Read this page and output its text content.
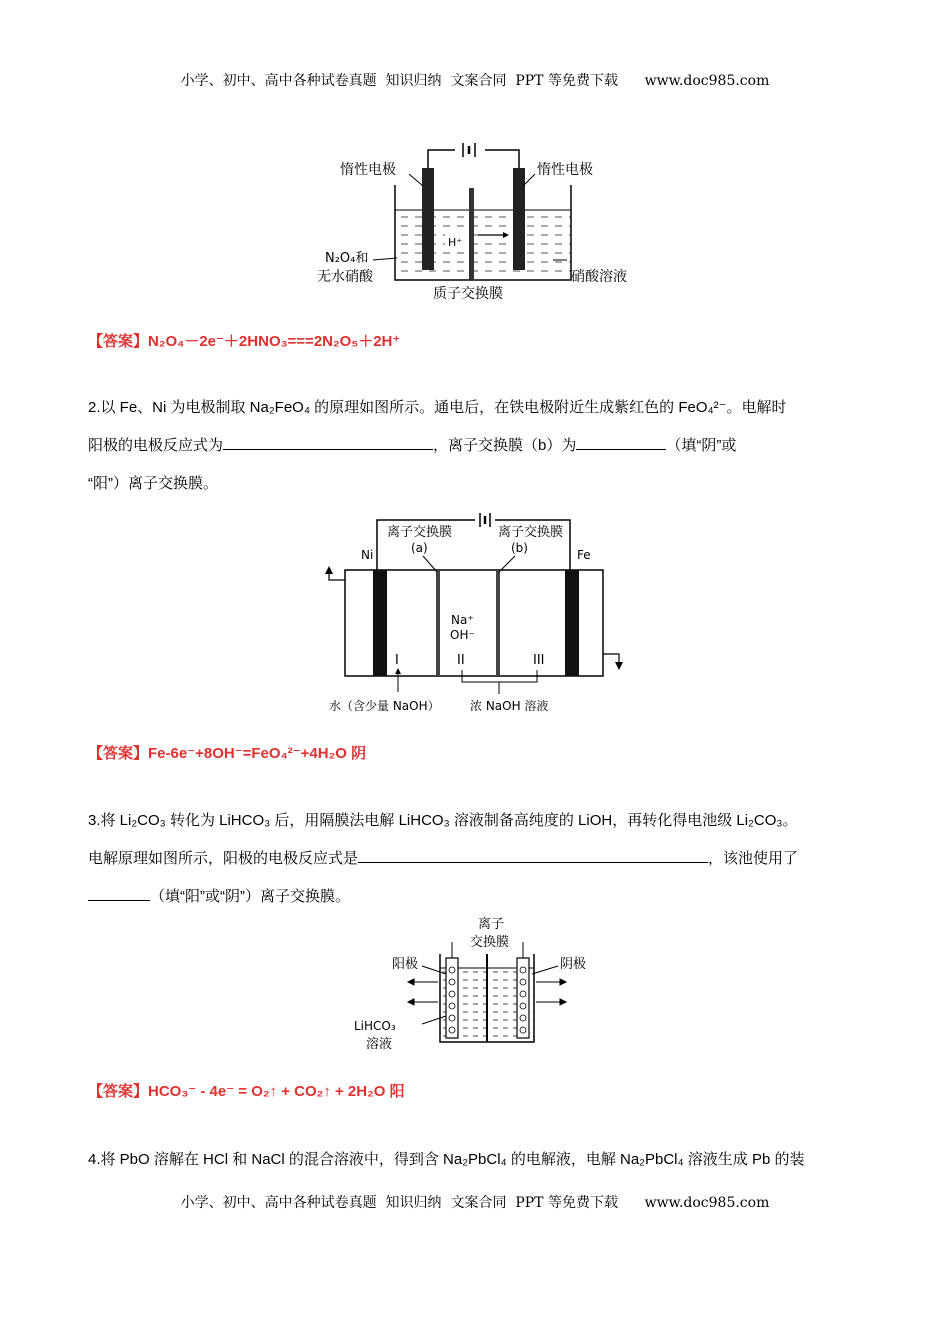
小学、初中、高中各种试卷真题  知识归纳  文案合同  PPT 等免费下载      www.doc985.com
H⁺
惰性电极	惰性电极
N₂O₄和
无水硝酸	硝酸溶液
质子交换膜
【答案】N₂O₄－2e⁻＋2HNO₃===2N₂O₅＋2H⁺

2.以 Fe、Ni 为电极制取 Na₂FeO₄ 的原理如图所示。通电后，在铁电极附近生成紫红色的 FeO₄²⁻。电解时

阳极的电极反应式为	，离子交换膜（b）为	（填“阴”或

“阳”）离子交换膜。

离子交换膜
(a)
离子交换膜
(b)
Ni	Fe
Na⁺
OH⁻
I	II	III
水（含少量 NaOH）	浓 NaOH 溶液
【答案】Fe-6e⁻+8OH⁻=FeO₄²⁻+4H₂O 阴

3.将 Li₂CO₃ 转化为 LiHCO₃ 后，用隔膜法电解 LiHCO₃ 溶液制备高纯度的 LiOH，再转化得电池级 Li₂CO₃。

电解原理如图所示，阳极的电极反应式是	，该池使用了

（填“阳”或“阴”）离子交换膜。

离子
交换膜
阳极	阴极
LiHCO₃
溶液
【答案】HCO₃⁻ - 4e⁻ = O₂↑ + CO₂↑ + 2H₂O 阳

4.将 PbO 溶解在 HCl 和 NaCl 的混合溶液中，得到含 Na₂PbCl₄ 的电解液，电解 Na₂PbCl₄ 溶液生成 Pb 的装

小学、初中、高中各种试卷真题  知识归纳  文案合同  PPT 等免费下载      www.doc985.com
